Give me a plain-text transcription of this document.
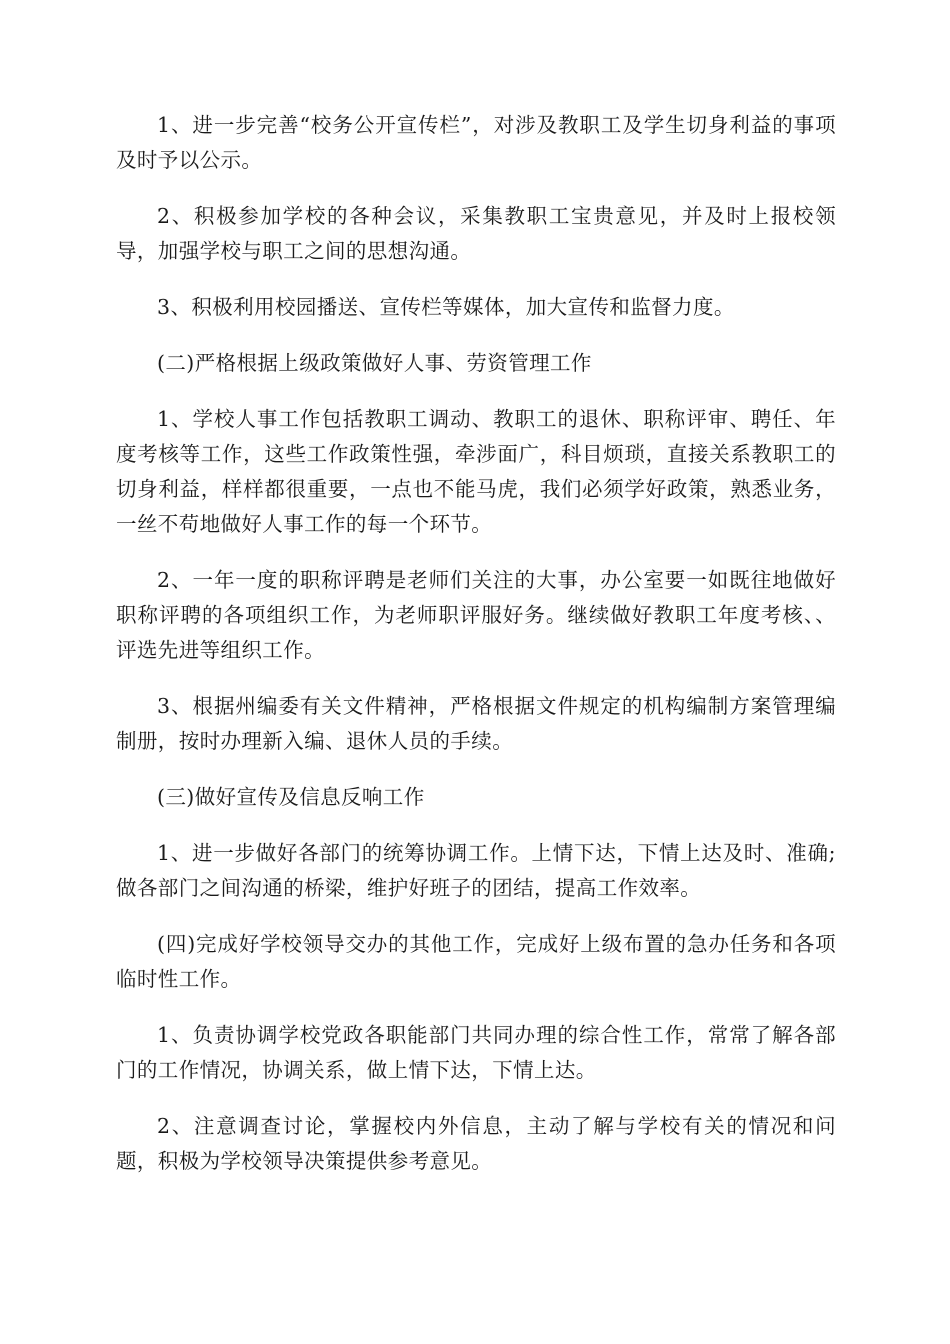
1、进一步完善“校务公开宣传栏”，对涉及教职工及学生切身利益的事项及时予以公示。

2、积极参加学校的各种会议，采集教职工宝贵意见，并及时上报校领导，加强学校与职工之间的思想沟通。

3、积极利用校园播送、宣传栏等媒体，加大宣传和监督力度。

(二)严格根据上级政策做好人事、劳资管理工作

1、学校人事工作包括教职工调动、教职工的退休、职称评审、聘任、年度考核等工作，这些工作政策性强，牵涉面广，科目烦琐，直接关系教职工的切身利益，样样都很重要，一点也不能马虎，我们必须学好政策，熟悉业务，一丝不苟地做好人事工作的每一个环节。

2、一年一度的职称评聘是老师们关注的大事，办公室要一如既往地做好职称评聘的各项组织工作，为老师职评服好务。继续做好教职工年度考核、、评选先进等组织工作。

3、根据州编委有关文件精神，严格根据文件规定的机构编制方案管理编制册，按时办理新入编、退休人员的手续。

(三)做好宣传及信息反响工作

1、进一步做好各部门的统筹协调工作。上情下达，下情上达及时、准确;做各部门之间沟通的桥梁，维护好班子的团结，提高工作效率。

(四)完成好学校领导交办的其他工作，完成好上级布置的急办任务和各项临时性工作。

1、负责协调学校党政各职能部门共同办理的综合性工作，常常了解各部门的工作情况，协调关系，做上情下达，下情上达。

2、注意调查讨论，掌握校内外信息，主动了解与学校有关的情况和问题，积极为学校领导决策提供参考意见。
